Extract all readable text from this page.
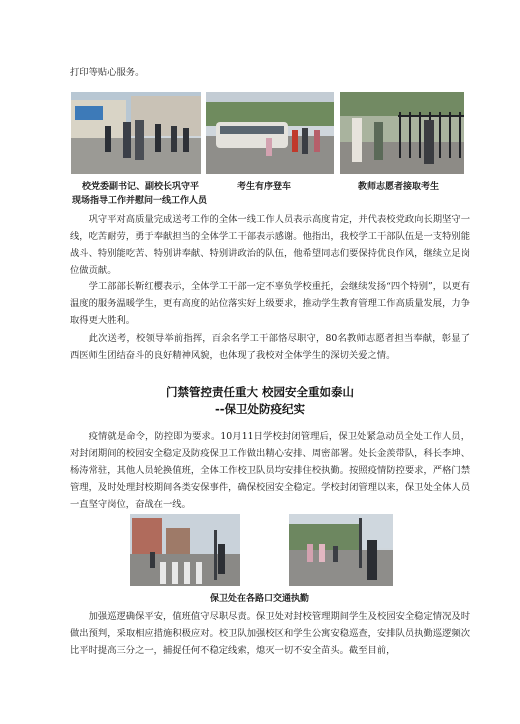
打印等贴心服务。

校党委副书记、副校长巩守平
现场指导工作并慰问一线工作人员
考生有序登车	教师志愿者接取考生

巩守平对高质量完成送考工作的全体一线工作人员表示高度肯定，并代表校党政向长期坚守一线，吃苦耐劳，勇于奉献担当的全体学工干部表示感谢。他指出，我校学工干部队伍是一支特别能战斗、特别能吃苦、特别讲奉献、特别讲政治的队伍，他希望同志们要保持优良作风，继续立足岗位做贡献。

学工部部长靳红樱表示，全体学工干部一定不辜负学校重托，会继续发扬“四个特别”，以更有温度的服务温暖学生，更有高度的站位落实好上级要求，推动学生教育管理工作高质量发展，力争取得更大胜利。

此次送考，校领导举前指挥，百余名学工干部恪尽职守，80名教师志愿者担当奉献，彰显了西医师生团结奋斗的良好精神风貌，也体现了我校对全体学生的深切关爱之情。

门禁管控责任重大 校园安全重如泰山
--保卫处防疫纪实

疫情就是命令，防控即为要求。10月11日学校封闭管理后，保卫处紧急动员全处工作人员，对封闭期间的校园安全稳定及防疫保卫工作做出精心安排、周密部署。处长金羡带队，科长李坤、杨涛常驻，其他人员轮换值班，全体工作校卫队员均安排住校执勤。按照疫情防控要求，严格门禁管理，及时处理封校期间各类安保事件，确保校园安全稳定。学校封闭管理以来，保卫处全体人员一直坚守岗位，奋战在一线。

保卫处在各路口交通执勤

加强巡逻确保平安，值班值守尽职尽责。保卫处对封校管理期间学生及校园安全稳定情况及时做出预判，采取相应措施积极应对。校卫队加强校区和学生公寓安稳巡查，安排队员执勤巡逻频次比平时提高三分之一，捕捉任何不稳定线索，熄灭一切不安全苗头。截至目前，
